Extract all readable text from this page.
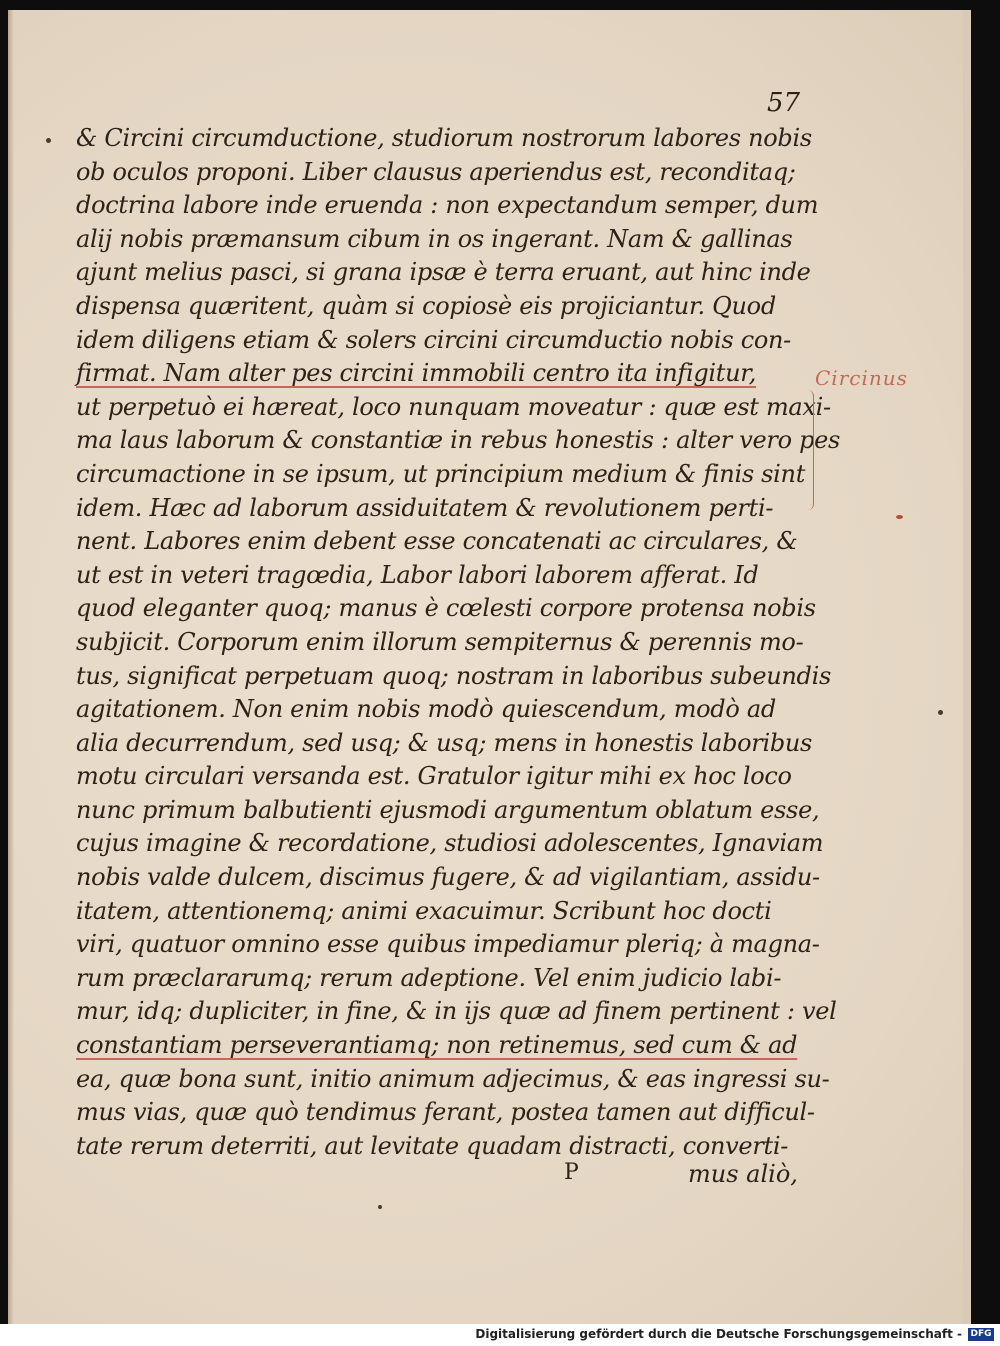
57
& Circini circumductione, studiorum nostrorum labores nobis
ob oculos proponi. Liber clausus aperiendus est, reconditaq;
doctrina labore inde eruenda : non expectandum semper, dum
alij nobis præmansum cibum in os ingerant. Nam & gallinas
ajunt melius pasci, si grana ipsæ è terra eruant, aut hinc inde
dispensa quæritent, quàm si copiosè eis projiciantur. Quod
idem diligens etiam & solers circini circumductio nobis con-
firmat. Nam alter pes circini immobili centro ita infigitur,
ut perpetuò ei hæreat, loco nunquam moveatur : quæ est maxi-
ma laus laborum & constantiæ in rebus honestis : alter vero pes
circumactione in se ipsum, ut principium medium & finis sint
idem. Hæc ad laborum assiduitatem & revolutionem perti-
nent. Labores enim debent esse concatenati ac circulares, &
ut est in veteri tragœdia, Labor labori laborem afferat. Id
quod eleganter quoq; manus è cœlesti corpore protensa nobis
subjicit. Corporum enim illorum sempiternus & perennis mo-
tus, significat perpetuam quoq; nostram in laboribus subeundis
agitationem. Non enim nobis modò quiescendum, modò ad
alia decurrendum, sed usq; & usq; mens in honestis laboribus
motu circulari versanda est. Gratulor igitur mihi ex hoc loco
nunc primum balbutienti ejusmodi argumentum oblatum esse,
cujus imagine & recordatione, studiosi adolescentes, Ignaviam
nobis valde dulcem, discimus fugere, & ad vigilantiam, assidu-
itatem, attentionemq; animi exacuimur. Scribunt hoc docti
viri, quatuor omnino esse quibus impediamur pleriq; à magna-
rum præclararumq; rerum adeptione. Vel enim judicio labi-
mur, idq; dupliciter, in fine, & in ijs quæ ad finem pertinent : vel
constantiam perseverantiamq; non retinemus, sed cum & ad
ea, quæ bona sunt, initio animum adjecimus, & eas ingressi su-
mus vias, quæ quò tendimus ferant, postea tamen aut difficul-
tate rerum deterriti, aut levitate quadam distracti, converti-
Circinus
P	mus aliò,
Digitalisierung gefördert durch die Deutsche Forschungsgemeinschaft - DFG
